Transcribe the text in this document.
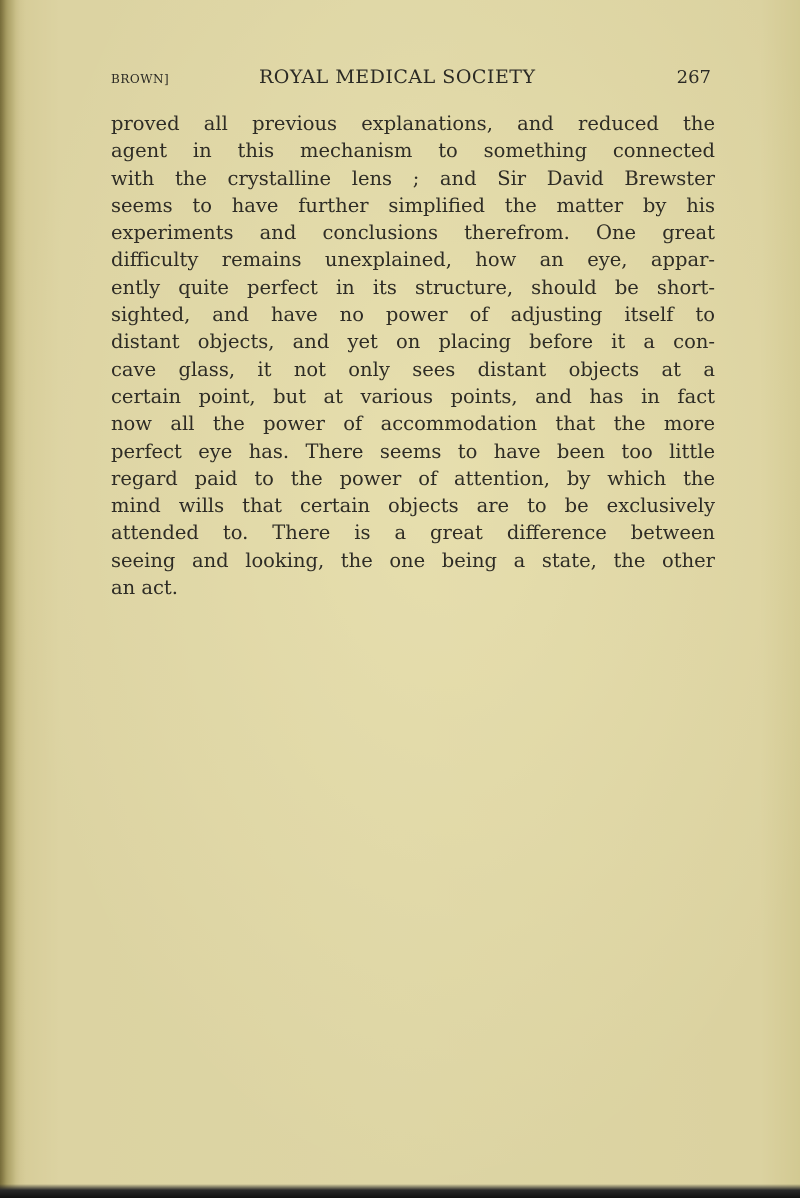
BROWN]	ROYAL MEDICAL SOCIETY	267
proved all previous explanations, and reduced the
agent in this mechanism to something connected
with the crystalline lens ; and Sir David Brewster
seems to have further simplified the matter by his
experiments and conclusions therefrom. One great
difficulty remains unexplained, how an eye, appar-
ently quite perfect in its structure, should be short-
sighted, and have no power of adjusting itself to
distant objects, and yet on placing before it a con-
cave glass, it not only sees distant objects at a
certain point, but at various points, and has in fact
now all the power of accommodation that the more
perfect eye has. There seems to have been too little
regard paid to the power of attention, by which the
mind wills that certain objects are to be exclusively
attended to. There is a great difference between
seeing and looking, the one being a state, the other
an act.
